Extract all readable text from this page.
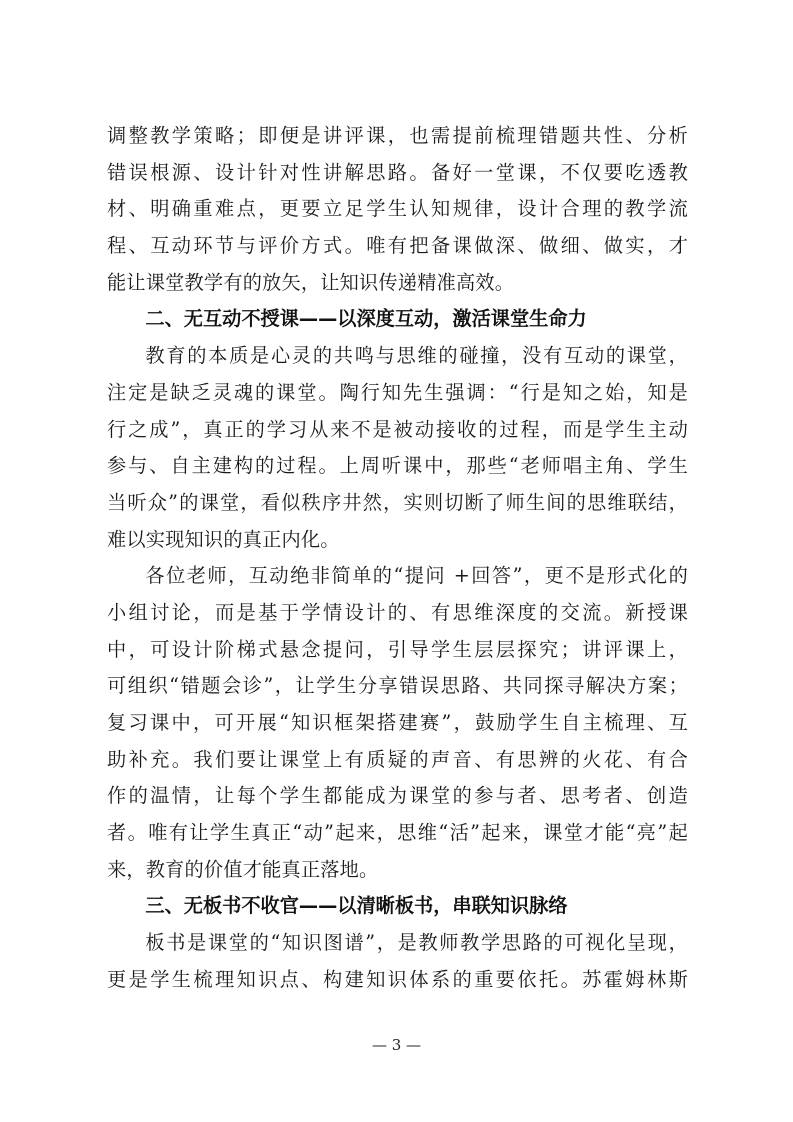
调整教学策略；即便是讲评课，也需提前梳理错题共性、分析
错误根源、设计针对性讲解思路。备好一堂课，不仅要吃透教
材、明确重难点，更要立足学生认知规律，设计合理的教学流
程、互动环节与评价方式。唯有把备课做深、做细、做实，才
能让课堂教学有的放矢，让知识传递精准高效。
二、无互动不授课——以深度互动，激活课堂生命力
教育的本质是心灵的共鸣与思维的碰撞，没有互动的课堂，
注定是缺乏灵魂的课堂。陶行知先生强调：“行是知之始，知是
行之成”，真正的学习从来不是被动接收的过程，而是学生主动
参与、自主建构的过程。上周听课中，那些“老师唱主角、学生
当听众”的课堂，看似秩序井然，实则切断了师生间的思维联结，
难以实现知识的真正内化。
各位老师，互动绝非简单的“提问 +回答”，更不是形式化的
小组讨论，而是基于学情设计的、有思维深度的交流。新授课
中，可设计阶梯式悬念提问，引导学生层层探究；讲评课上，
可组织“错题会诊”，让学生分享错误思路、共同探寻解决方案；
复习课中，可开展“知识框架搭建赛”，鼓励学生自主梳理、互
助补充。我们要让课堂上有质疑的声音、有思辨的火花、有合
作的温情，让每个学生都能成为课堂的参与者、思考者、创造
者。唯有让学生真正“动”起来，思维“活”起来，课堂才能“亮”起
来，教育的价值才能真正落地。
三、无板书不收官——以清晰板书，串联知识脉络
板书是课堂的“知识图谱”，是教师教学思路的可视化呈现，
更是学生梳理知识点、构建知识体系的重要依托。苏霍姆林斯
— 3 —
